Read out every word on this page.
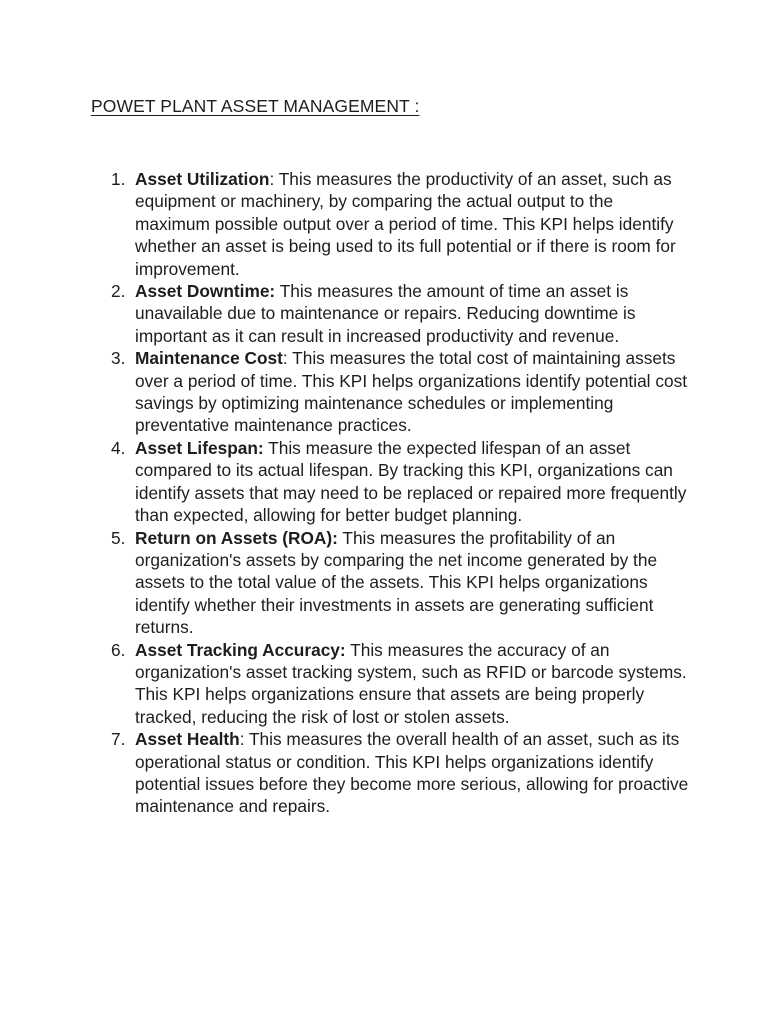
POWET PLANT ASSET MANAGEMENT :
1. Asset Utilization: This measures the productivity of an asset, such as equipment or machinery, by comparing the actual output to the maximum possible output over a period of time. This KPI helps identify whether an asset is being used to its full potential or if there is room for improvement.
2. Asset Downtime: This measures the amount of time an asset is unavailable due to maintenance or repairs. Reducing downtime is important as it can result in increased productivity and revenue.
3. Maintenance Cost: This measures the total cost of maintaining assets over a period of time. This KPI helps organizations identify potential cost savings by optimizing maintenance schedules or implementing preventative maintenance practices.
4. Asset Lifespan: This measure the expected lifespan of an asset compared to its actual lifespan. By tracking this KPI, organizations can identify assets that may need to be replaced or repaired more frequently than expected, allowing for better budget planning.
5. Return on Assets (ROA): This measures the profitability of an organization's assets by comparing the net income generated by the assets to the total value of the assets. This KPI helps organizations identify whether their investments in assets are generating sufficient returns.
6. Asset Tracking Accuracy: This measures the accuracy of an organization's asset tracking system, such as RFID or barcode systems. This KPI helps organizations ensure that assets are being properly tracked, reducing the risk of lost or stolen assets.
7. Asset Health: This measures the overall health of an asset, such as its operational status or condition. This KPI helps organizations identify potential issues before they become more serious, allowing for proactive maintenance and repairs.
